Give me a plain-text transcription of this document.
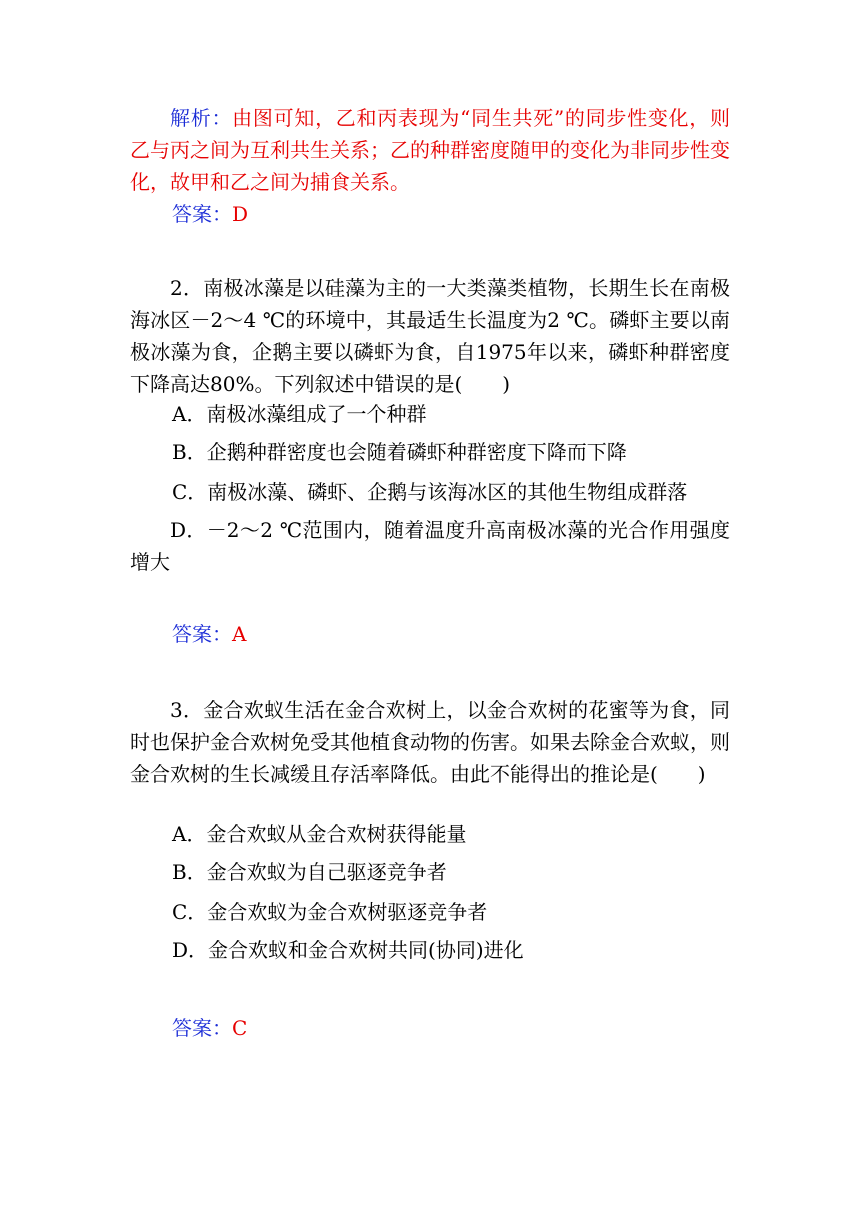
解析：由图可知，乙和丙表现为“同生共死”的同步性变化，则乙与丙之间为互利共生关系；乙的种群密度随甲的变化为非同步性变化，故甲和乙之间为捕食关系。

答案：D

2．南极冰藻是以硅藻为主的一大类藻类植物，长期生长在南极海冰区－2～4 ℃的环境中，其最适生长温度为2 ℃。磷虾主要以南极冰藻为食，企鹅主要以磷虾为食，自1975年以来，磷虾种群密度下降高达80%。下列叙述中错误的是(　　)

A．南极冰藻组成了一个种群
B．企鹅种群密度也会随着磷虾种群密度下降而下降
C．南极冰藻、磷虾、企鹅与该海冰区的其他生物组成群落

D．－2～2 ℃范围内，随着温度升高南极冰藻的光合作用强度增大

答案：A

3．金合欢蚁生活在金合欢树上，以金合欢树的花蜜等为食，同时也保护金合欢树免受其他植食动物的伤害。如果去除金合欢蚁，则金合欢树的生长减缓且存活率降低。由此不能得出的推论是(　　)

A．金合欢蚁从金合欢树获得能量
B．金合欢蚁为自己驱逐竞争者
C．金合欢蚁为金合欢树驱逐竞争者
D．金合欢蚁和金合欢树共同(协同)进化
答案：C
